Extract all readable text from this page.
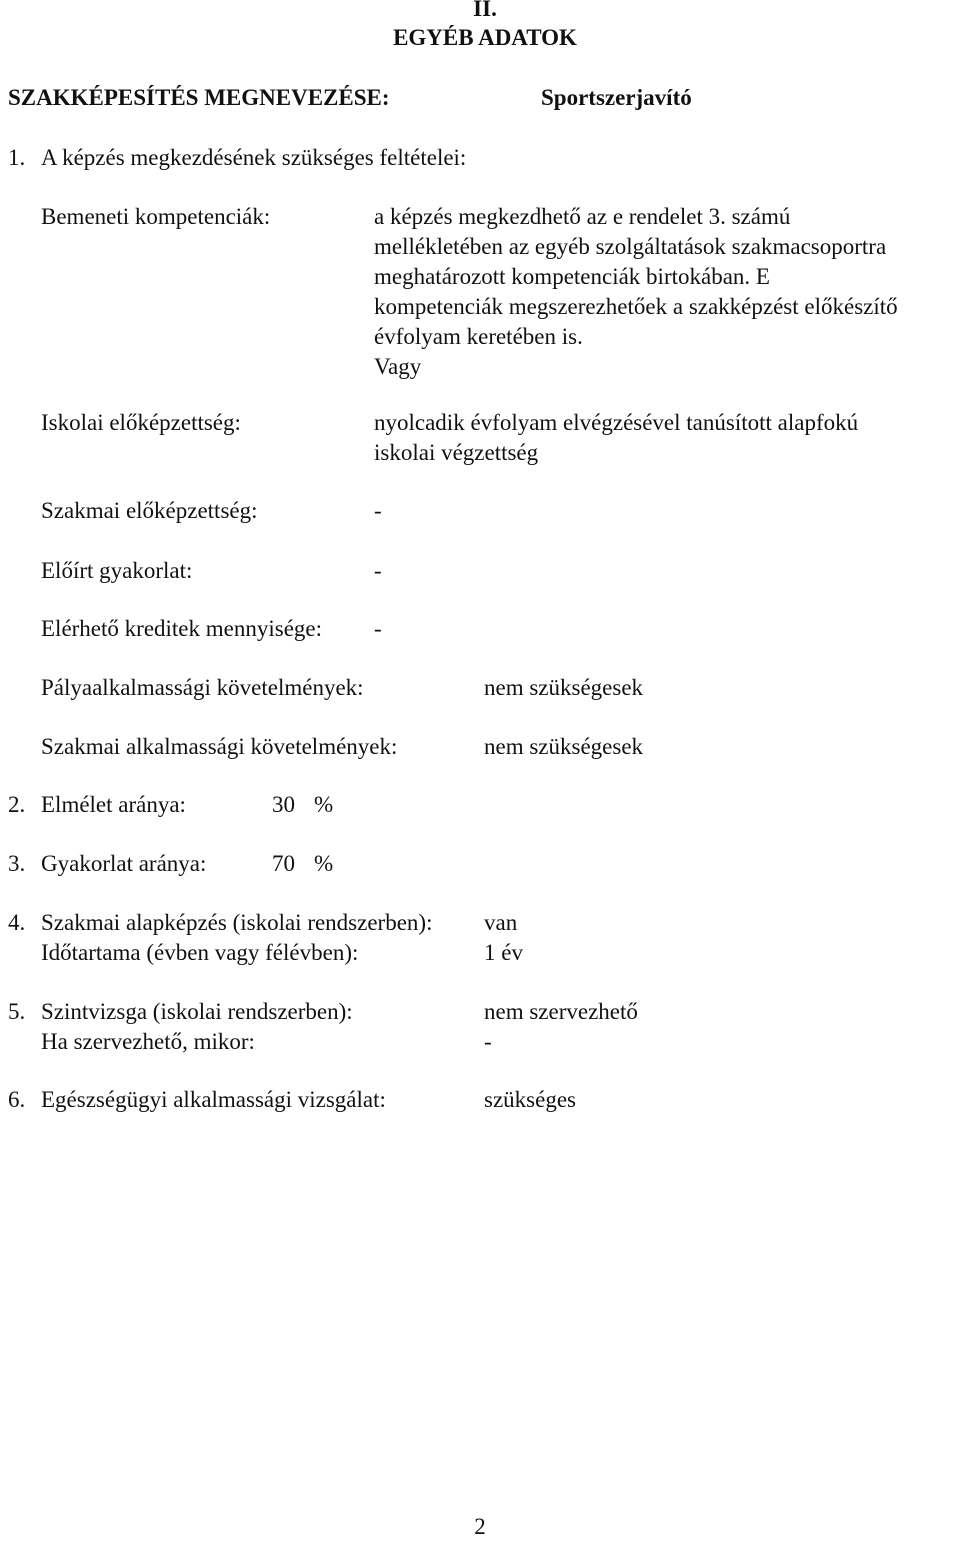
II.
EGYÉB ADATOK
SZAKKÉPESÍTÉS MEGNEVEZÉSE:	Sportszerjavító
1. A képzés megkezdésének szükséges feltételei:
Bemeneti kompetenciák:	a képzés megkezdhető az e rendelet 3. számú
mellékletében az egyéb szolgáltatások szakmacsoportra
meghatározott kompetenciák birtokában. E
kompetenciák megszerezhetőek a szakképzést előkészítő
évfolyam keretében is.
Vagy
Iskolai előképzettség:	nyolcadik évfolyam elvégzésével tanúsított alapfokú
iskolai végzettség
Szakmai előképzettség:	-
Előírt gyakorlat:	-
Elérhető kreditek mennyisége: -
Pályaalkalmassági követelmények:	nem szükségesek
Szakmai alkalmassági követelmények:	nem szükségesek
2. Elmélet aránya:	30 %
3. Gyakorlat aránya:	70 %
4. Szakmai alapképzés (iskolai rendszerben): van
Időtartama (évben vagy félévben):	1 év
5. Szintvizsga (iskolai rendszerben):	nem szervezhető
Ha szervezhető, mikor:	-
6. Egészségügyi alkalmassági vizsgálat:	szükséges
2
